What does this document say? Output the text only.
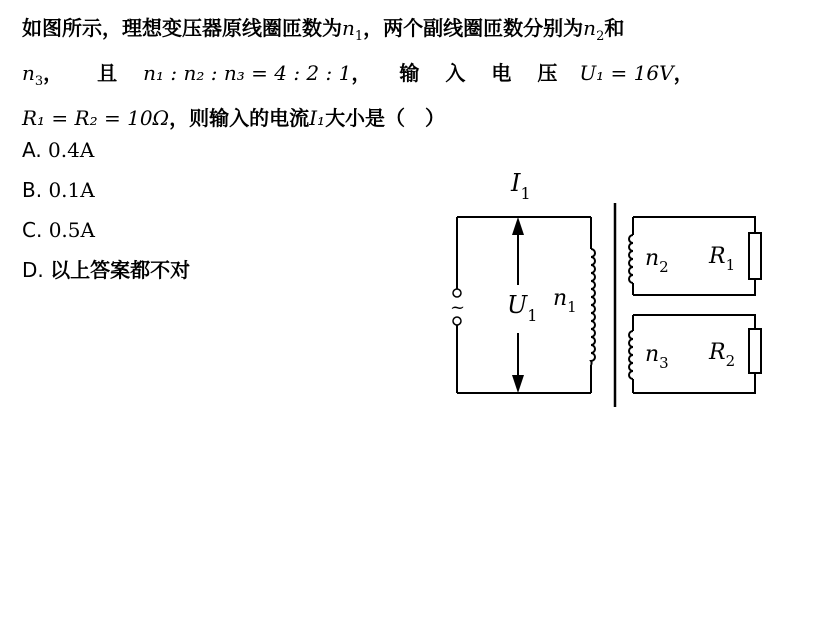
如图所示，理想变压器原线圈匝数为$n_1$，两个副线圈匝数分别为$n_2$和
$n_3$， 且 n₁ : n₂ : n₃ = 4 : 2 : 1， 输 入 电 压 U₁ = 16V，
R₁ = R₂ = 10Ω，则输入的电流I₁大小是（　）
A. 0.4A
B. 0.1A
C. 0.5A
D. 以上答案都不对
~
$I_1$
$U_1$
$n_1$
$n_2$
$n_3$
$R_1$
$R_2$
